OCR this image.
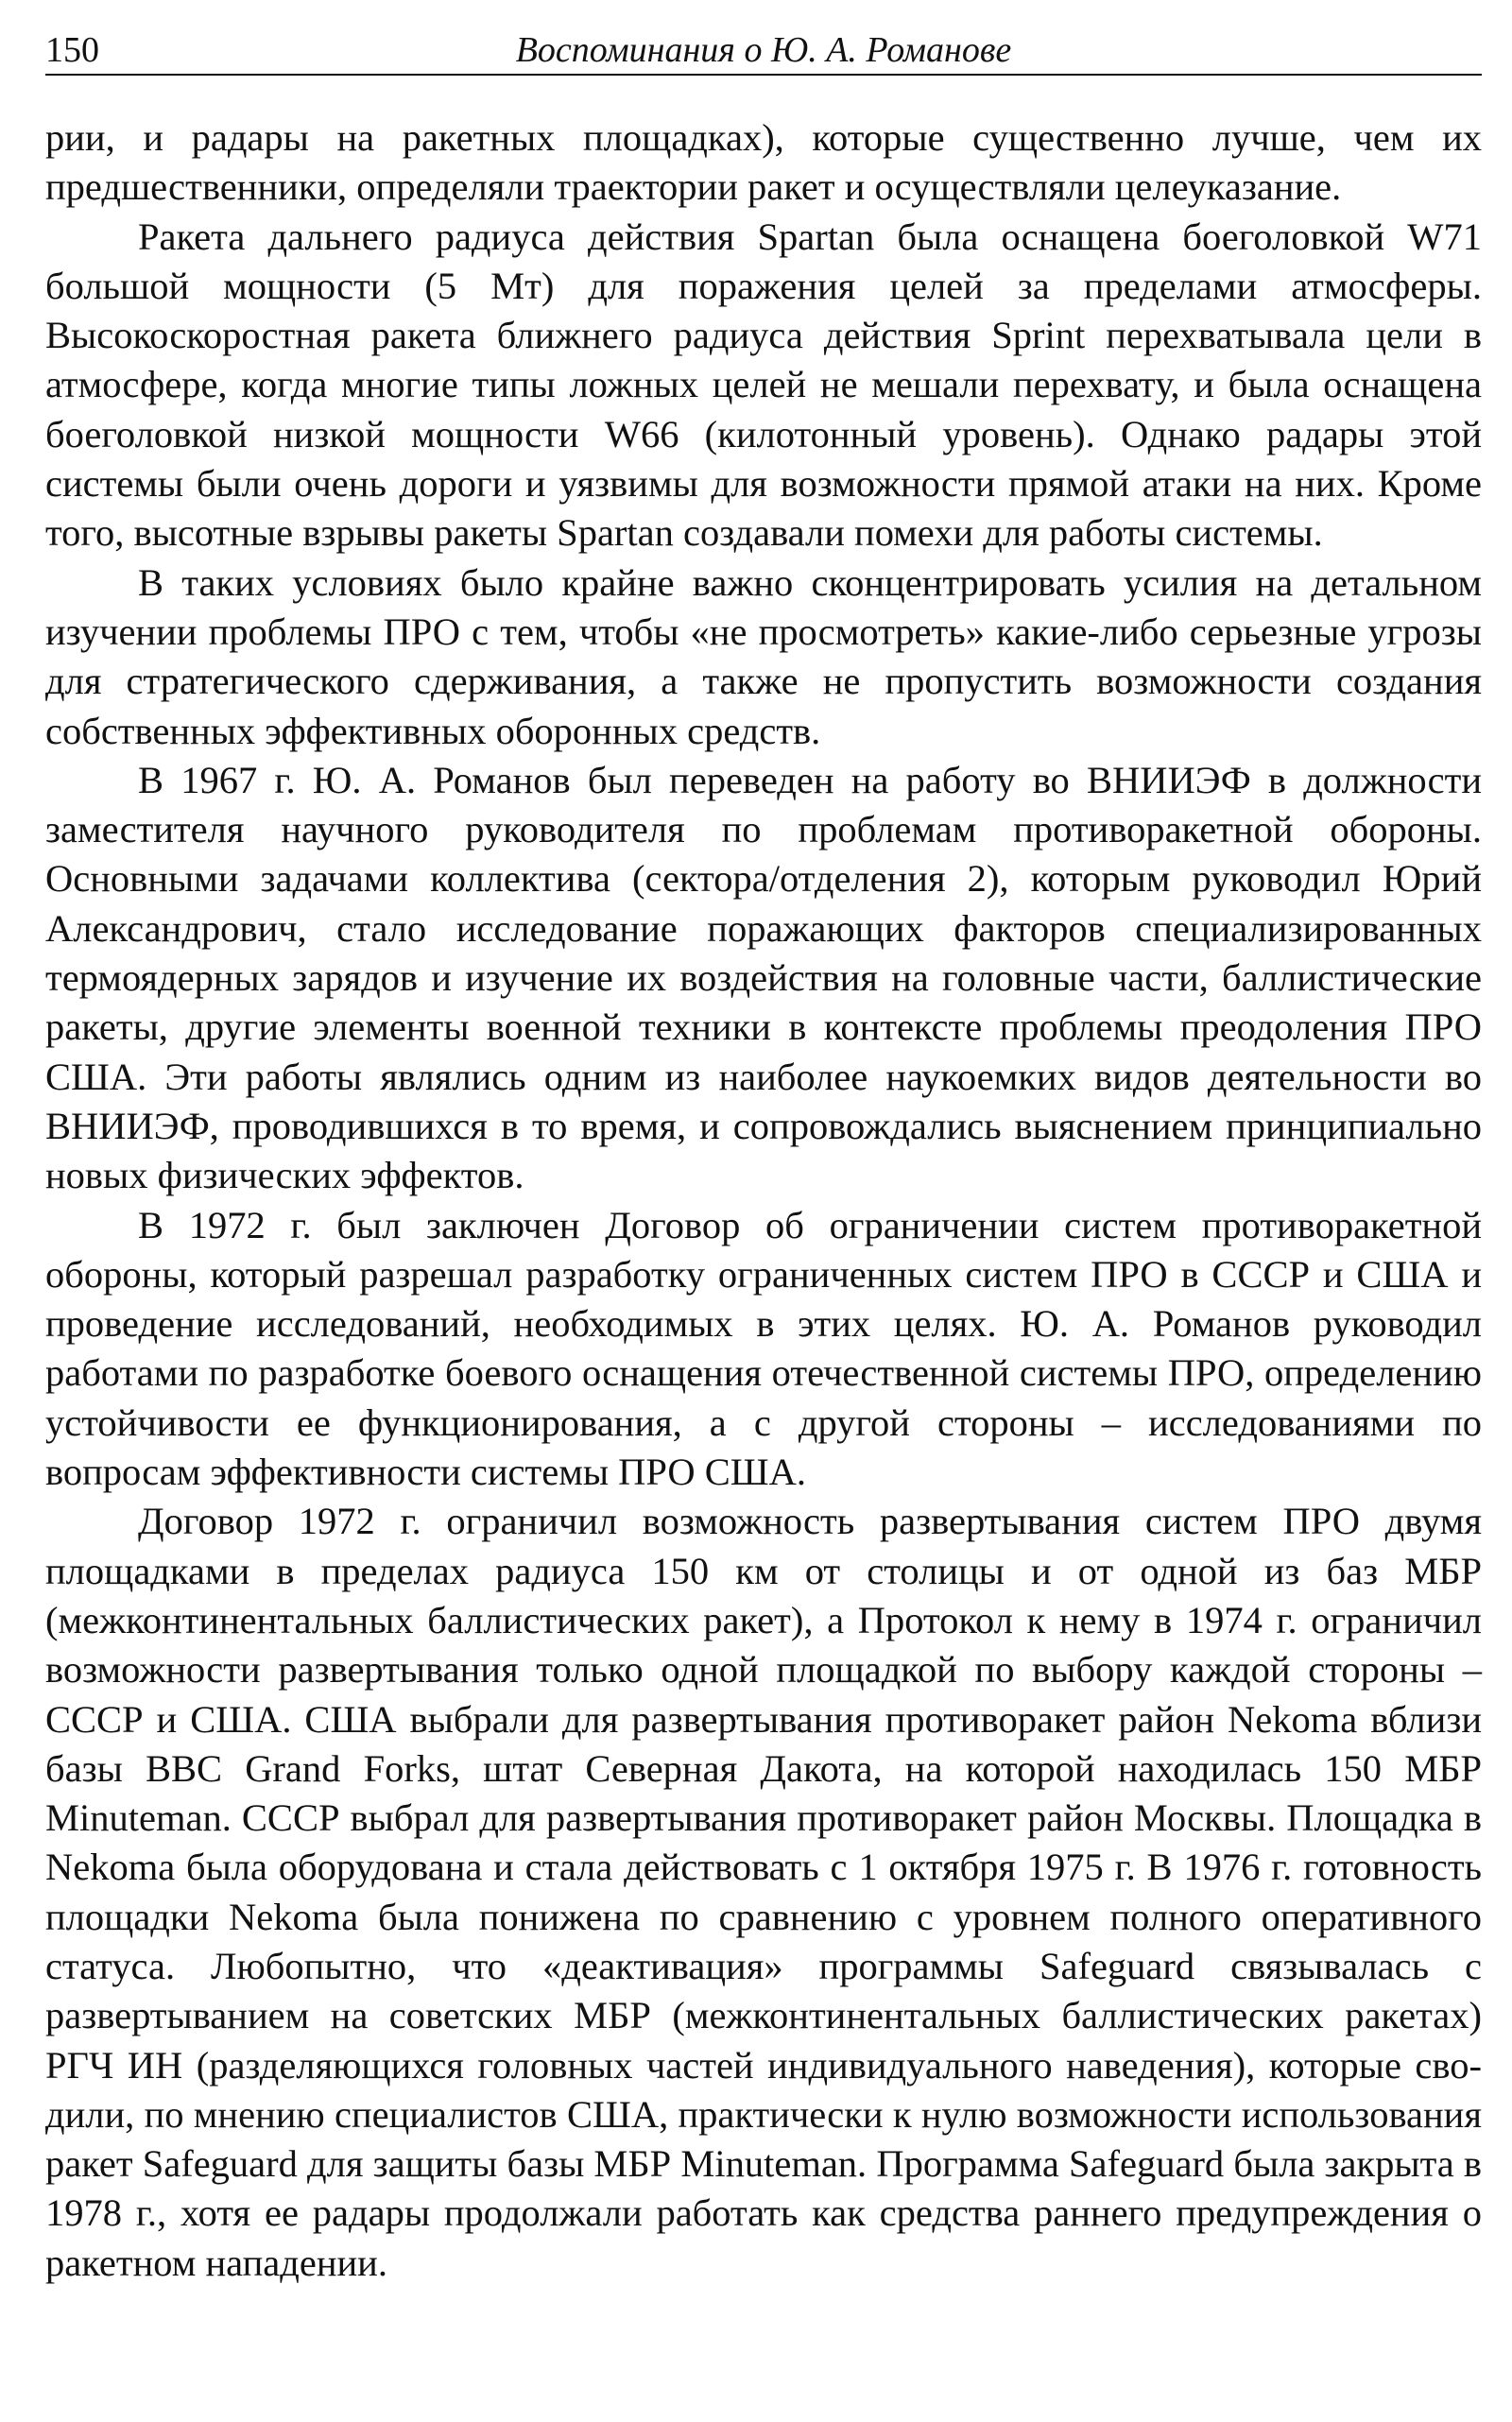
150	Воспоминания о Ю. А. Романове

рии, и радары на ракетных площадках), которые существенно лучше, чем их предшественники, определяли траектории ракет и осуществляли целеуказание.

Ракета дальнего радиуса действия Spartan была оснащена боеголовкой W71 большой мощности (5 Мт) для поражения целей за пределами атмосферы. Высокоскоростная ракета ближнего радиуса действия Sprint перехватывала цели в атмосфере, когда многие типы ложных целей не мешали перехвату, и была оснащена боеголовкой низкой мощности W66 (килотонный уровень). Однако радары этой системы были очень дороги и уязвимы для возможности прямой атаки на них. Кроме того, высотные взрывы ракеты Spartan создавали помехи для работы системы.

В таких условиях было крайне важно сконцентрировать усилия на детальном изучении проблемы ПРО с тем, чтобы «не просмотреть» какие-либо серьезные угрозы для стратегического сдерживания, а также не пропустить возможности создания собственных эффективных оборонных средств.

В 1967 г. Ю. А. Романов был переведен на работу во ВНИИЭФ в должности заместителя научного руководителя по проблемам противоракетной обороны. Основными задачами коллектива (сектора/отделения 2), которым руководил Юрий Александрович, стало исследование поражающих факторов специализированных термоядерных зарядов и изучение их воздействия на головные части, баллистические ракеты, другие элементы военной техники в контексте проблемы преодоления ПРО США. Эти работы являлись одним из наиболее наукоемких видов деятельности во ВНИИЭФ, проводившихся в то время, и сопровождались выяснением принципиально новых физических эффектов.

В 1972 г. был заключен Договор об ограничении систем противоракетной обороны, который разрешал разработку ограниченных систем ПРО в СССР и США и проведение исследований, необходимых в этих целях. Ю. А. Романов руководил работами по разработке боевого оснащения отечественной системы ПРО, определению устойчивости ее функционирования, а с другой стороны – исследованиями по вопросам эффективности системы ПРО США.

Договор 1972 г. ограничил возможность развертывания систем ПРО двумя площадками в пределах радиуса 150 км от столицы и от одной из баз МБР (межконтинентальных баллистических ракет), а Протокол к нему в 1974 г. ограничил возможности развертывания только одной площадкой по выбору каждой стороны – СССР и США. США выбрали для развертывания противоракет район Nekoma вблизи базы ВВС Grand Forks, штат Северная Дакота, на которой находилась 150 МБР Minuteman. СССР выбрал для развертывания противоракет район Москвы. Площадка в Nekoma была оборудована и стала действовать с 1 октября 1975 г. В 1976 г. готовность площадки Nekoma была понижена по сравнению с уровнем полного оперативного статуса. Любопытно, что «деактивация» программы Safeguard связывалась с развертыванием на советских МБР (межконтинентальных баллистических ракетах) РГЧ ИН (разделяющихся головных частей индивидуального наведения), которые сводили, по мнению специалистов США, практически к нулю возможности использования ракет Safeguard для защиты базы МБР Minuteman. Программа Safeguard была закрыта в 1978 г., хотя ее радары продолжали работать как средства раннего предупреждения о ракетном нападении.
